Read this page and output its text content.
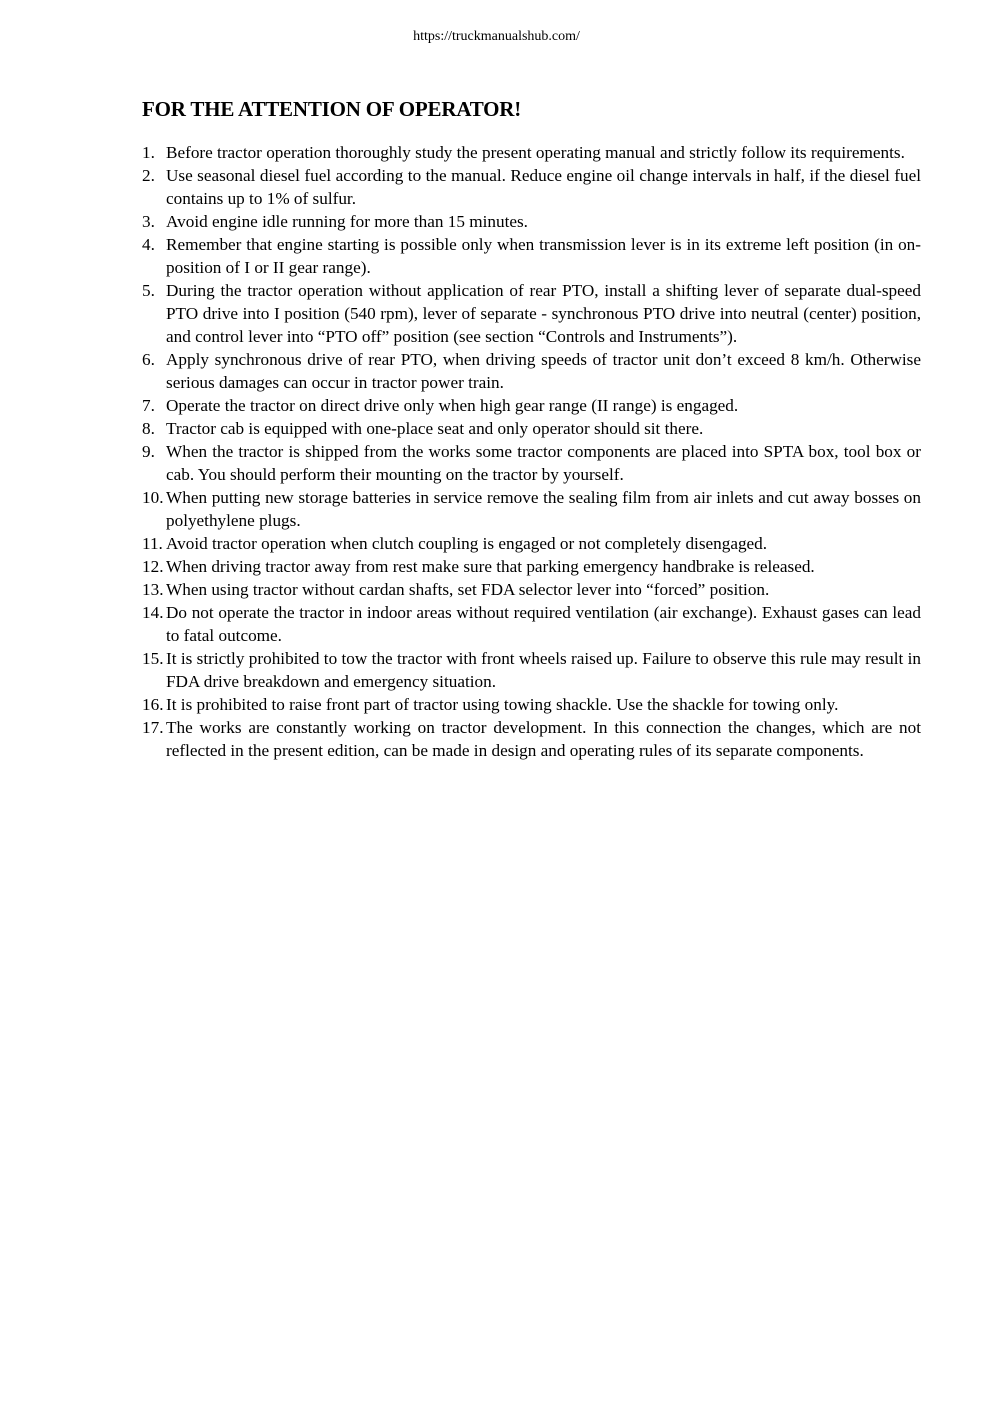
https://truckmanualshub.com/
FOR THE ATTENTION OF OPERATOR!
1. Before tractor operation thoroughly study the present operating manual and strictly follow its requirements.
2. Use seasonal diesel fuel according to the manual. Reduce engine oil change intervals in half, if the diesel fuel contains up to 1% of sulfur.
3. Avoid engine idle running for more than 15 minutes.
4. Remember that engine starting is possible only when transmission lever is in its extreme left position (in on-position of I or II gear range).
5. During the tractor operation without application of rear PTO, install a shifting lever of separate dual-speed PTO drive into I position (540 rpm), lever of separate - synchronous PTO drive into neutral (center) position, and control lever into “PTO off” position (see section “Controls and Instruments”).
6. Apply synchronous drive of rear PTO, when driving speeds of tractor unit don’t exceed 8 km/h. Otherwise serious damages can occur in tractor power train.
7. Operate the tractor on direct drive only when high gear range (II range) is engaged.
8. Tractor cab is equipped with one-place seat and only operator should sit there.
9. When the tractor is shipped from the works some tractor components are placed into SPTA box, tool box or cab. You should perform their mounting on the tractor by yourself.
10. When putting new storage batteries in service remove the sealing film from air inlets and cut away bosses on polyethylene plugs.
11. Avoid tractor operation when clutch coupling is engaged or not completely disengaged.
12. When driving tractor away from rest make sure that parking emergency handbrake is released.
13. When using tractor without cardan shafts, set FDA selector lever into “forced” position.
14. Do not operate the tractor in indoor areas without required ventilation (air exchange). Exhaust gases can lead to fatal outcome.
15. It is strictly prohibited to tow the tractor with front wheels raised up. Failure to observe this rule may result in FDA drive breakdown and emergency situation.
16. It is prohibited to raise front part of tractor using towing shackle. Use the shackle for towing only.
17. The works are constantly working on tractor development. In this connection the changes, which are not reflected in the present edition, can be made in design and operating rules of its separate components.
